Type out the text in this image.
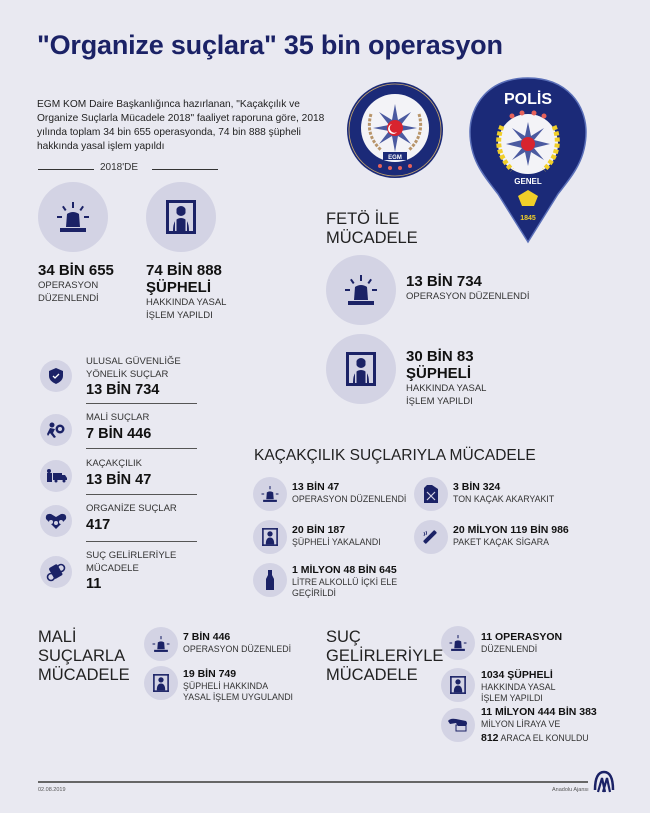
"Organize suçlara" 35 bin operasyon
EGM KOM Daire Başkanlığınca hazırlanan, "Kaçakçılık ve Organize Suçlarla Mücadele 2018" faaliyet raporuna göre, 2018 yılında toplam 34 bin 655 operasyonda, 74 bin 888 şüpheli hakkında yasal işlem yapıldı
EGM
POLİS
GENEL
1845
2018'DE
34 BİN 655
OPERASYON
DÜZENLENDİ
74 BİN 888
ŞÜPHELİ
HAKKINDA YASAL
İŞLEM YAPILDI
ULUSAL GÜVENLİĞE
YÖNELİK SUÇLAR
13 BİN 734
MALİ SUÇLAR
7 BİN 446
KAÇAKÇILIK
13 BİN 47
ORGANİZE SUÇLAR
417
SUÇ GELİRLERİYLE
MÜCADELE
11
FETÖ İLE
MÜCADELE
13 BİN 734
OPERASYON DÜZENLENDİ
30 BİN 83
ŞÜPHELİ
HAKKINDA YASAL
İŞLEM YAPILDI
KAÇAKÇILIK SUÇLARIYLA MÜCADELE
13 BİN 47
OPERASYON DÜZENLENDİ
3 BİN 324
TON KAÇAK AKARYAKIT
20 BİN 187
ŞÜPHELİ YAKALANDI
20 MİLYON 119 BİN 986
PAKET KAÇAK SİGARA
1 MİLYON 48 BİN 645
LİTRE ALKOLLÜ İÇKİ ELE
GEÇİRİLDİ
MALİ
SUÇLARLA
MÜCADELE
7 BİN 446
OPERASYON DÜZENLEDİ
19 BİN 749
ŞÜPHELİ HAKKINDA
YASAL İŞLEM UYGULANDI
SUÇ
GELİRLERİYLE
MÜCADELE
11 OPERASYON
DÜZENLENDİ
1034 ŞÜPHELİ
HAKKINDA YASAL
İŞLEM YAPILDI
11 MİLYON 444 BİN 383
MİLYON LİRAYA VE
812 ARACA EL KONULDU
02.08.2019	Anadolu Ajansı
